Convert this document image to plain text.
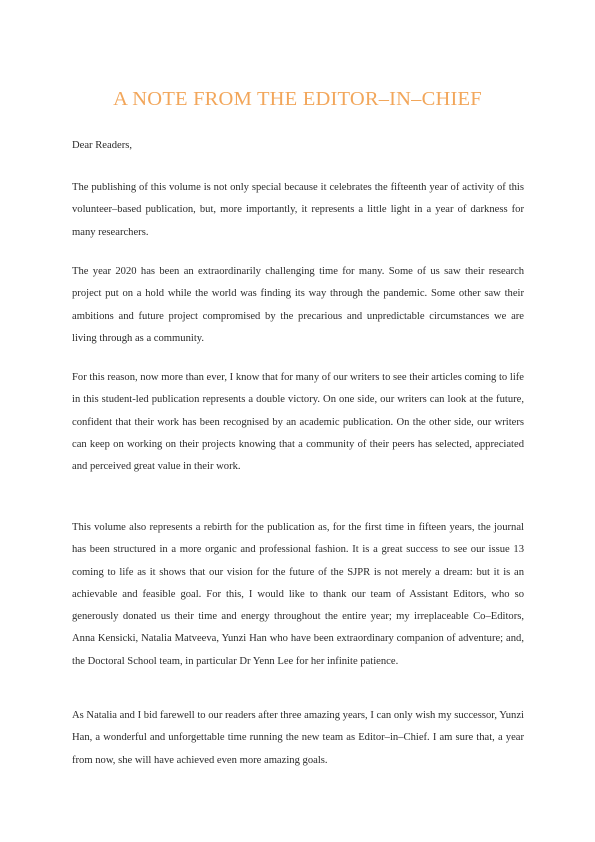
A NOTE FROM THE EDITOR–IN–CHIEF

Dear Readers,

The publishing of this volume is not only special because it celebrates the fifteenth year of activity of this volunteer–based publication, but, more importantly, it represents a little light in a year of darkness for many researchers.

The year 2020 has been an extraordinarily challenging time for many. Some of us saw their research project put on a hold while the world was finding its way through the pandemic. Some other saw their ambitions and future project compromised by the precarious and unpredictable circumstances we are living through as a community.

For this reason, now more than ever, I know that for many of our writers to see their articles coming to life in this student-led publication represents a double victory. On one side, our writers can look at the future, confident that their work has been recognised by an academic publication. On the other side, our writers can keep on working on their projects knowing that a community of their peers has selected, appreciated and perceived great value in their work.

This volume also represents a rebirth for the publication as, for the first time in fifteen years, the journal has been structured in a more organic and professional fashion. It is a great success to see our issue 13 coming to life as it shows that our vision for the future of the SJPR is not merely a dream: but it is an achievable and feasible goal. For this, I would like to thank our team of Assistant Editors, who so generously donated us their time and energy throughout the entire year; my irreplaceable Co–Editors, Anna Kensicki, Natalia Matveeva, Yunzi Han who have been extraordinary companion of adventure; and, the Doctoral School team, in particular Dr Yenn Lee for her infinite patience.

As Natalia and I bid farewell to our readers after three amazing years, I can only wish my successor, Yunzi Han, a wonderful and unforgettable time running the new team as Editor–in–Chief. I am sure that, a year from now, she will have achieved even more amazing goals.
